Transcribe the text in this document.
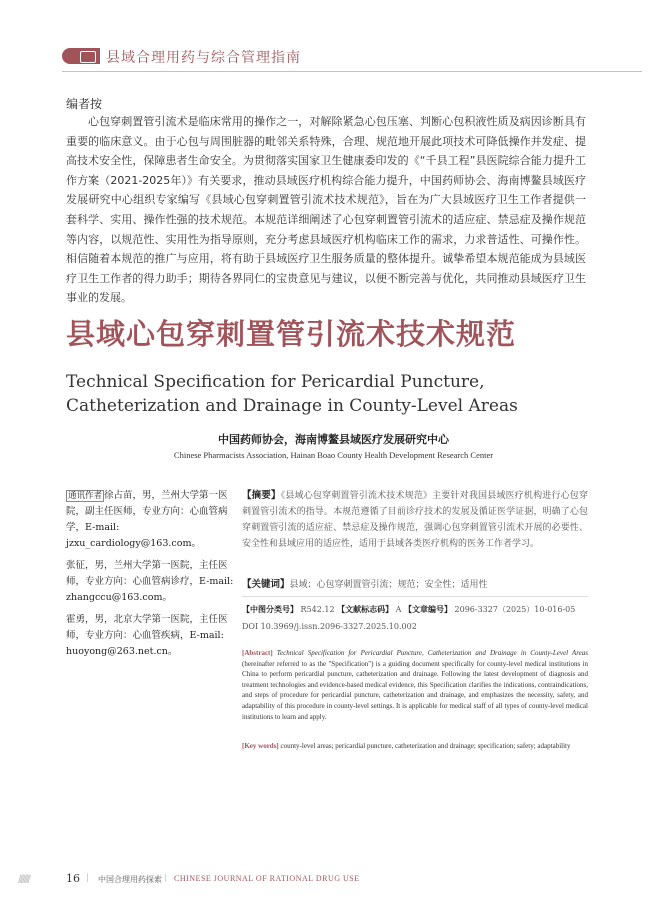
县域合理用药与综合管理指南
编者按
心包穿刺置管引流术是临床常用的操作之一，对解除紧急心包压塞、判断心包积液性质及病因诊断具有重要的临床意义。由于心包与周围脏器的毗邻关系特殊，合理、规范地开展此项技术可降低操作并发症、提高技术安全性，保障患者生命安全。为贯彻落实国家卫生健康委印发的《“千县工程”县医院综合能力提升工作方案（2021-2025年）》有关要求，推动县域医疗机构综合能力提升，中国药师协会、海南博鳌县域医疗发展研究中心组织专家编写《县域心包穿刺置管引流术技术规范》，旨在为广大县域医疗卫生工作者提供一套科学、实用、操作性强的技术规范。本规范详细阐述了心包穿刺置管引流术的适应症、禁忌症及操作规范等内容，以规范性、实用性为指导原则，充分考虑县域医疗机构临床工作的需求，力求普适性、可操作性。相信随着本规范的推广与应用，将有助于县域医疗卫生服务质量的整体提升。诚挚希望本规范能成为县域医疗卫生工作者的得力助手；期待各界同仁的宝贵意见与建议，以便不断完善与优化，共同推动县域医疗卫生事业的发展。
县域心包穿刺置管引流术技术规范
Technical Specification for Pericardial Puncture, Catheterization and Drainage in County-Level Areas
中国药师协会，海南博鳌县域医疗发展研究中心
Chinese Pharmacists Association, Hainan Boao County Health Development Research Center

通讯作者 徐占苗，男，兰州大学第一医院，副主任医师，专业方向：心血管病学，E-mail: jzxu_cardiology@163.com。

张征，男，兰州大学第一医院，主任医师，专业方向：心血管病诊疗，E-mail: zhangccu@163.com。

霍勇，男，北京大学第一医院，主任医师，专业方向：心血管疾病，E-mail: huoyong@263.net.cn。

【摘要】《县域心包穿刺置管引流术技术规范》主要针对我国县域医疗机构进行心包穿刺置管引流术的指导。本规范遵循了目前诊疗技术的发展及循证医学证据，明确了心包穿刺置管引流的适应症、禁忌症及操作规范，强调心包穿刺置管引流术开展的必要性、安全性和县域应用的适应性，适用于县域各类医疗机构的医务工作者学习。
【关键词】县域；心包穿刺置管引流；规范；安全性；适用性
【中图分类号】 R542.12 【文献标志码】 A 【文章编号】 2096-3327（2025）10-016-05
DOI 10.3969/j.issn.2096-3327.2025.10.002

[Abstract] Technical Specification for Pericardial Puncture, Catheterization and Drainage in County-Level Areas (hereinafter referred to as the "Specification") is a guiding document specifically for county-level medical institutions in China to perform pericardial puncture, catheterization and drainage. Following the latest development of diagnosis and treatment technologies and evidence-based medical evidence, this Specification clarifies the indications, contraindications, and steps of procedure for pericardial puncture, catheterization and drainage, and emphasizes the necessity, safety, and adaptability of this procedure in county-level settings. It is applicable for medical staff of all types of county-level medical institutions to learn and apply.

[Key words] county-level areas; pericardial puncture, catheterization and drainage; specification; safety; adaptability
////////	16 | 中国合理用药探索 | CHINESE JOURNAL OF RATIONAL DRUG USE
